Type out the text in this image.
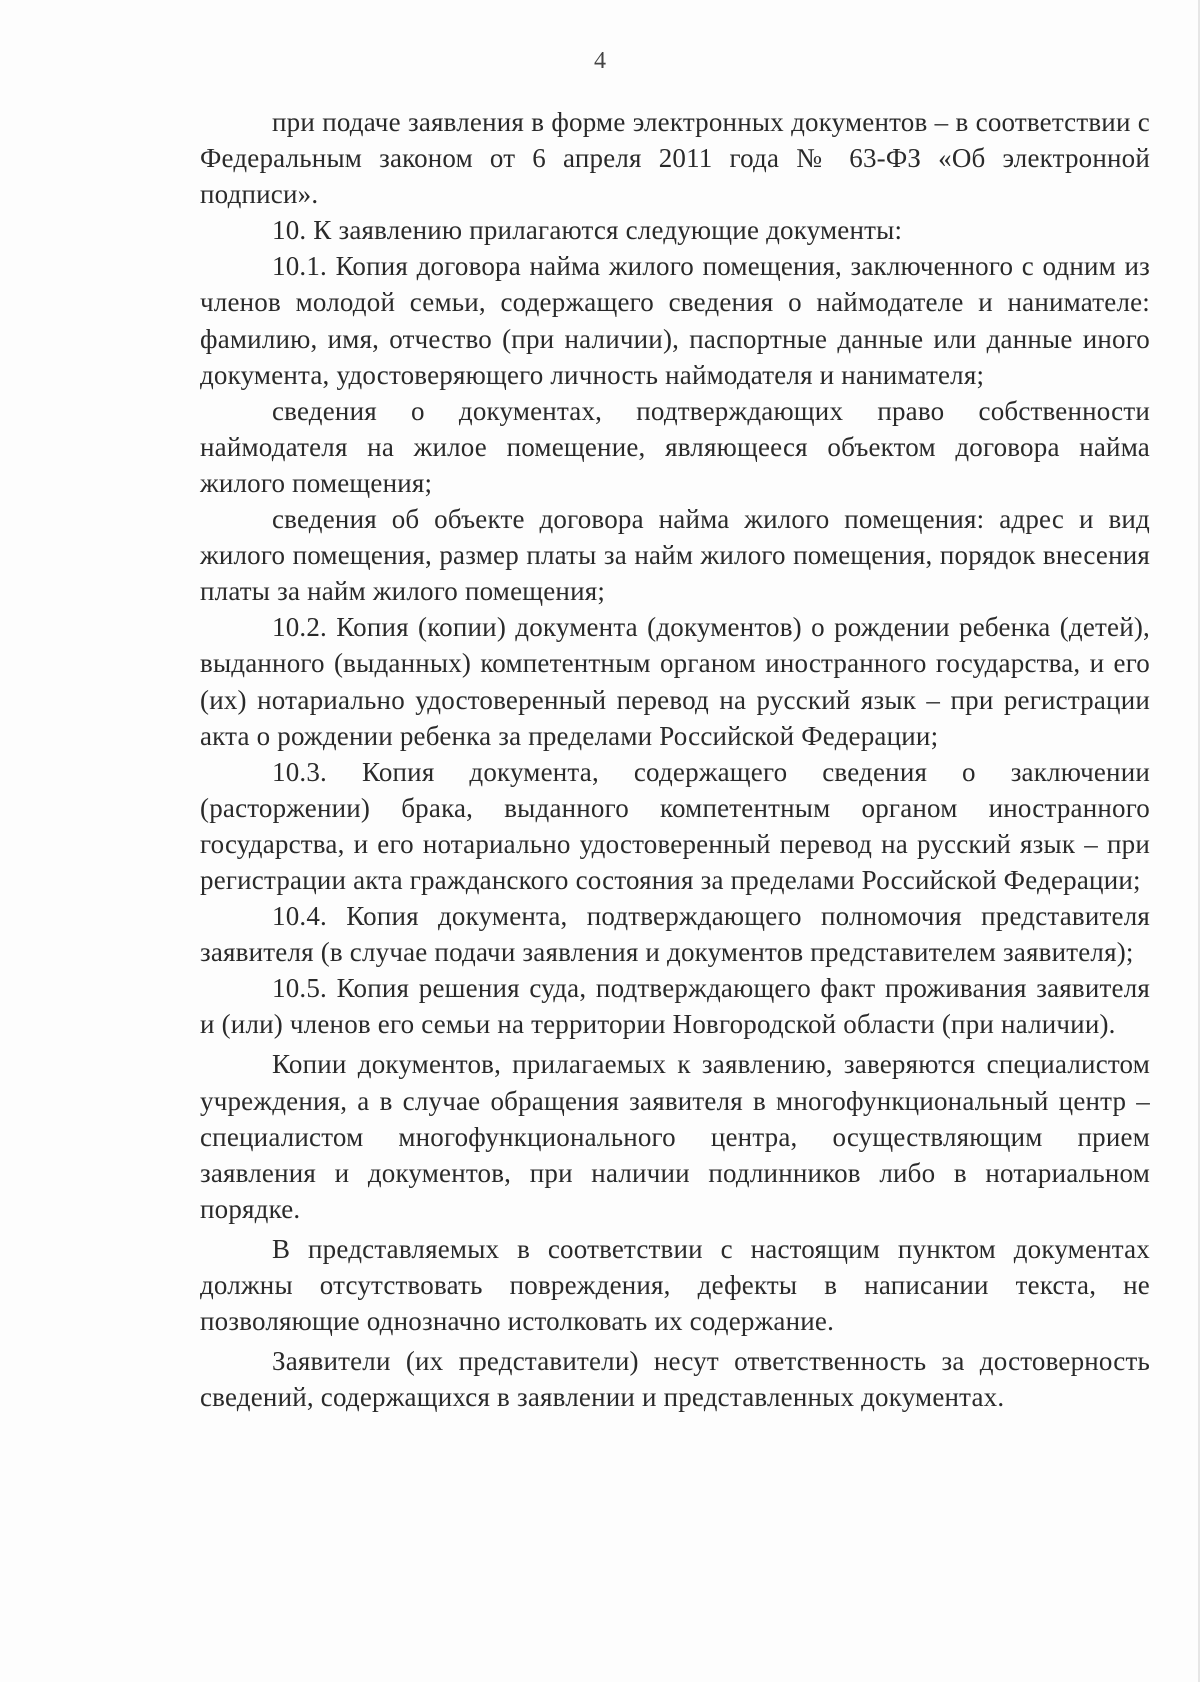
4

при подаче заявления в форме электронных документов – в соответствии с Федеральным законом от 6 апреля 2011 года № 63-ФЗ «Об электронной подписи».

10. К заявлению прилагаются следующие документы:

10.1. Копия договора найма жилого помещения, заключенного с одним из членов молодой семьи, содержащего сведения о наймодателе и нанимателе: фамилию, имя, отчество (при наличии), паспортные данные или данные иного документа, удостоверяющего личность наймодателя и нанимателя;

сведения о документах, подтверждающих право собственности наймодателя на жилое помещение, являющееся объектом договора найма жилого помещения;

сведения об объекте договора найма жилого помещения: адрес и вид жилого помещения, размер платы за найм жилого помещения, порядок внесения платы за найм жилого помещения;

10.2. Копия (копии) документа (документов) о рождении ребенка (детей), выданного (выданных) компетентным органом иностранного государства, и его (их) нотариально удостоверенный перевод на русский язык – при регистрации акта о рождении ребенка за пределами Российской Федерации;

10.3. Копия документа, содержащего сведения о заключении (расторжении) брака, выданного компетентным органом иностранного государства, и его нотариально удостоверенный перевод на русский язык – при регистрации акта гражданского состояния за пределами Российской Федерации;

10.4. Копия документа, подтверждающего полномочия представителя заявителя (в случае подачи заявления и документов представителем заявителя);

10.5. Копия решения суда, подтверждающего факт проживания заявителя и (или) членов его семьи на территории Новгородской области (при наличии).

Копии документов, прилагаемых к заявлению, заверяются специалистом учреждения, а в случае обращения заявителя в многофункциональный центр – специалистом многофункционального центра, осуществляющим прием заявления и документов, при наличии подлинников либо в нотариальном порядке.

В представляемых в соответствии с настоящим пунктом документах должны отсутствовать повреждения, дефекты в написании текста, не позволяющие однозначно истолковать их содержание.

Заявители (их представители) несут ответственность за достоверность сведений, содержащихся в заявлении и представленных документах.
